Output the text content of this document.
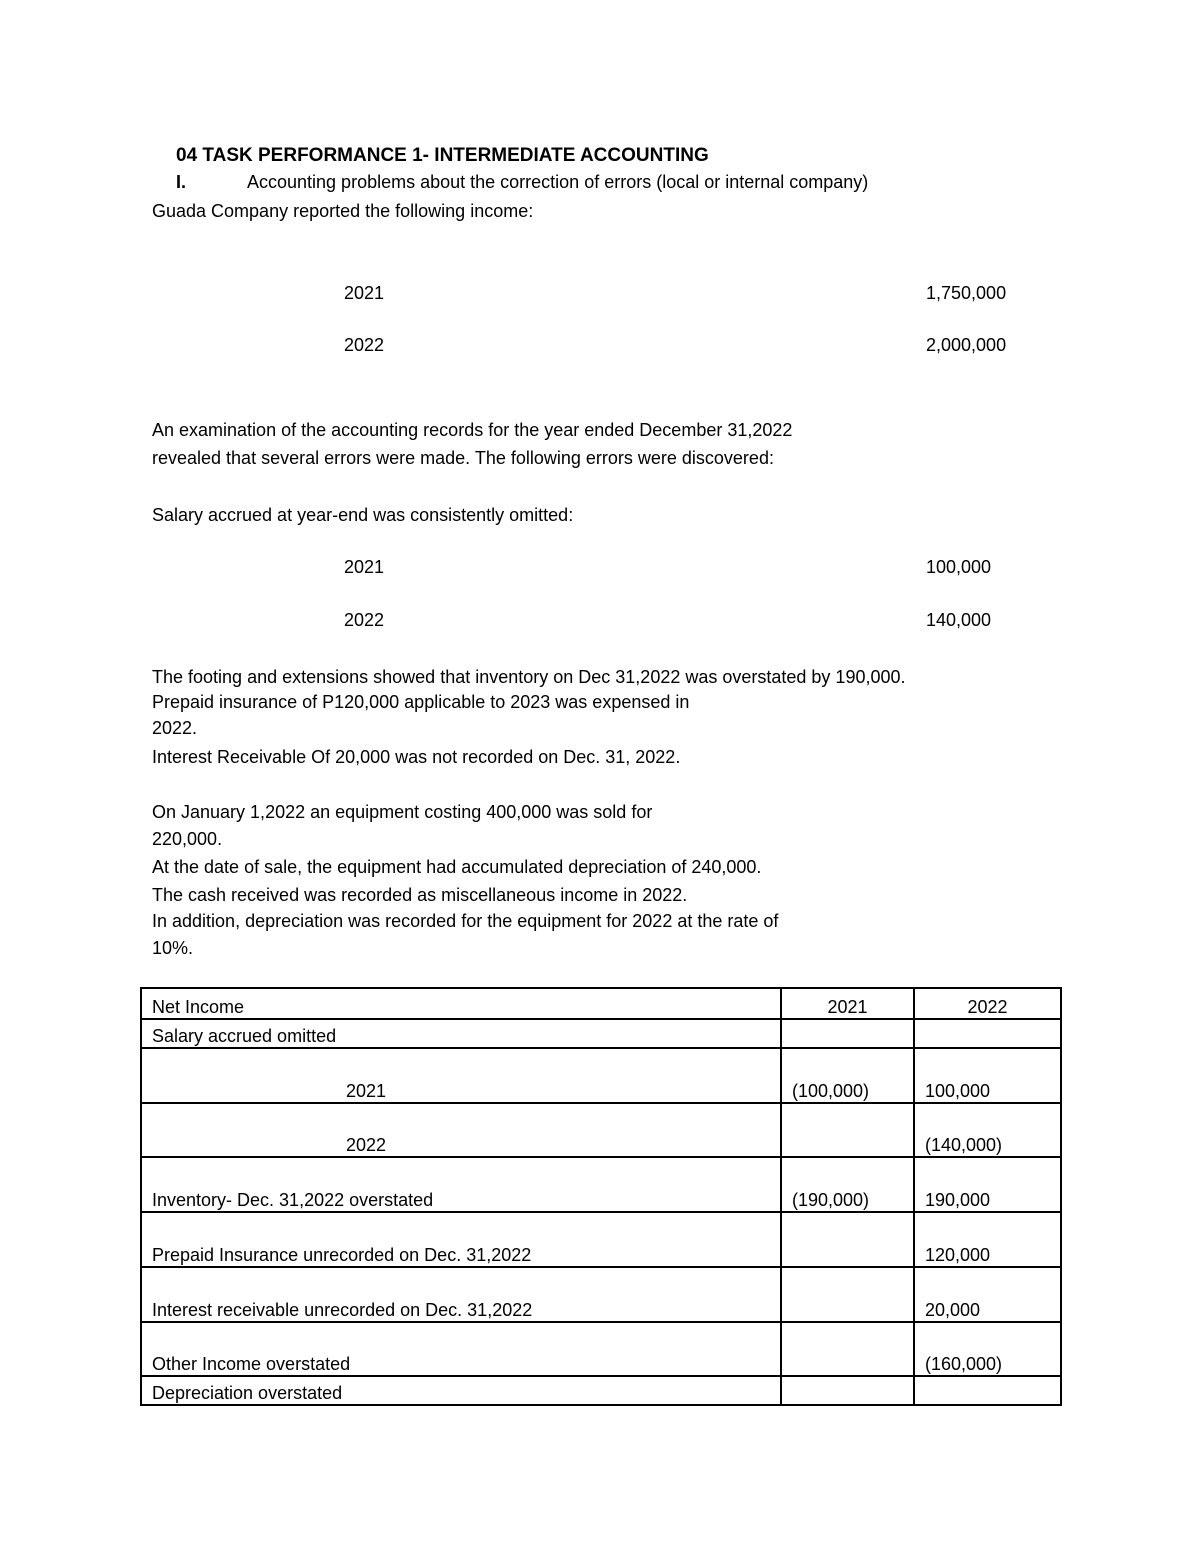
04 TASK PERFORMANCE 1- INTERMEDIATE ACCOUNTING
I.	Accounting problems about the correction of errors (local or internal company)
Guada Company reported the following income:
2021	1,750,000
2022	2,000,000
An examination of the accounting records for the year ended December 31,2022
revealed that several errors were made. The following errors were discovered:
Salary accrued at year-end was consistently omitted:
2021	100,000
2022	140,000
The footing and extensions showed that inventory on Dec 31,2022 was overstated by 190,000.
Prepaid insurance of P120,000 applicable to 2023 was expensed in
2022.
Interest Receivable Of 20,000 was not recorded on Dec. 31, 2022.
On January 1,2022 an equipment costing 400,000 was sold for
220,000.
At the date of sale, the equipment had accumulated depreciation of 240,000.
The cash received was recorded as miscellaneous income in 2022.
In addition, depreciation was recorded for the equipment for 2022 at the rate of
10%.
Net Income	2021	2022
Salary accrued omitted		
2021	(100,000)	100,000
2022		(140,000)
Inventory- Dec. 31,2022 overstated	(190,000)	190,000
Prepaid Insurance unrecorded on Dec. 31,2022		120,000
Interest receivable unrecorded on Dec. 31,2022		20,000
Other Income overstated		(160,000)
Depreciation overstated		
